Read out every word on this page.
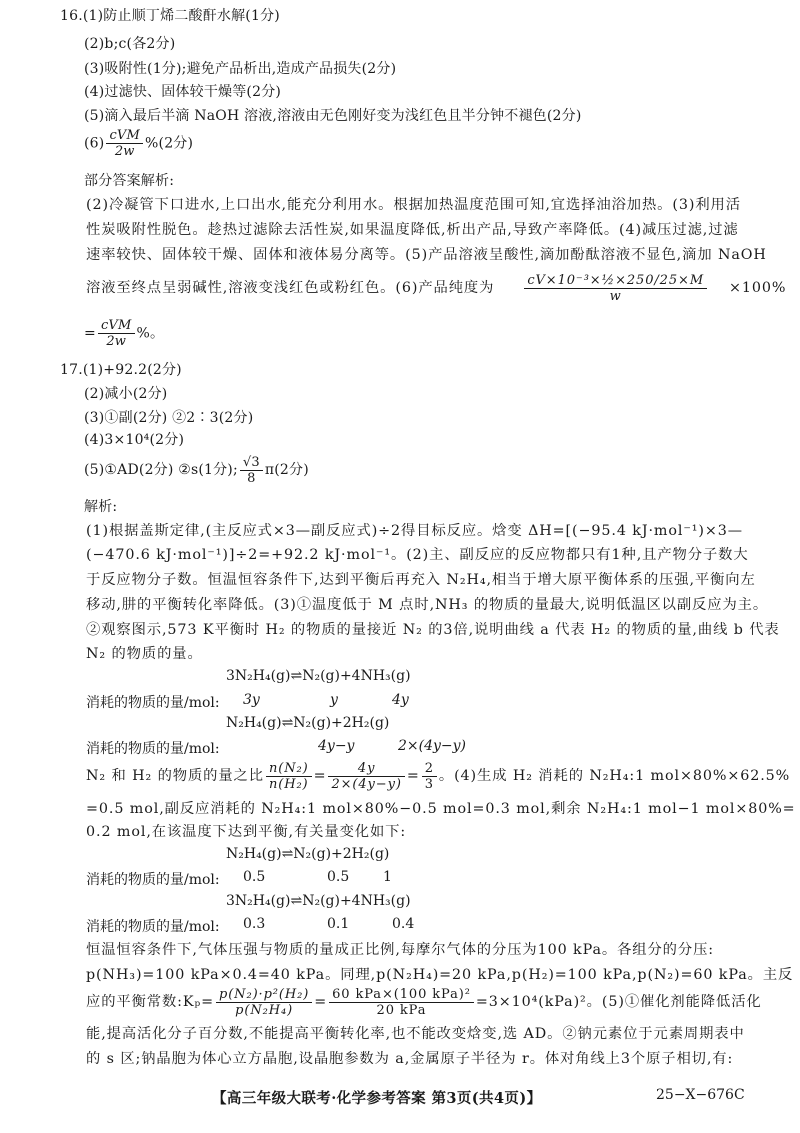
16.(1)防止顺丁烯二酸酐水解(1分)
(2)b;c(各2分)
(3)吸附性(1分);避免产品析出,造成产品损失(2分)
(4)过滤快、固体较干燥等(2分)
(5)滴入最后半滴 NaOH 溶液,溶液由无色刚好变为浅红色且半分钟不褪色(2分)
$(6) \frac{\text{cVM}}{2w} \%(2$分)
部分答案解析:
(2)冷凝管下口进水,上口出水,能充分利用水。根据加热温度范围可知,宜选择油浴加热。(3)利用活
性炭吸附性脱色。趁热过滤除去活性炭,如果温度降低,析出产品,导致产率降低。(4)减压过滤,过滤
速率较快、固体较干燥、固体和液体易分离等。(5)产品溶液呈酸性,滴加酚酞溶液不显色,滴加 NaOH
溶液至终点呈弱碱性,溶液变浅红色或粉红色。(6)产品纯度为 $\frac{\text{cV×10⁻³×½×250/25×M}}{w} \times 100\%$
= $\frac{\text{cVM}}{2w}$ %。
17.(1)+92.2(2分)
(2)减小(2分)
(3)①副(2分) ②2∶3(2分)
(4)3×10⁴(2分)
(5)①AD(2分) ②s(1分); $\frac{√3}{8} \pi(2$分)
解析:
(1)根据盖斯定律,(主反应式×3—副反应式)÷2得目标反应。焓变 ΔH=[(−95.4 kJ·mol⁻¹)×3—
(−470.6 kJ·mol⁻¹)]÷2=+92.2 kJ·mol⁻¹。(2)主、副反应的反应物都只有1种,且产物分子数大
于反应物分子数。恒温恒容条件下,达到平衡后再充入 N₂H₄,相当于增大原平衡体系的压强,平衡向左
移动,肼的平衡转化率降低。(3)①温度低于 M 点时,NH₃ 的物质的量最大,说明低温区以副反应为主。
②观察图示,573 K平衡时 H₂ 的物质的量接近 N₂ 的3倍,说明曲线 a 代表 H₂ 的物质的量,曲线 b 代表
N₂ 的物质的量。
3N₂H₄(g)⇌N₂(g)+4NH₃(g)
消耗的物质的量/mol: 3y	y	4y
N₂H₄(g)⇌N₂(g)+2H₂(g)
消耗的物质的量/mol:	4y−y	2×(4y−y)
N₂ 和 H₂ 的物质的量之比 $\frac{\text{n(N₂)}}{\text{n(H₂)}} = \frac{4y}{2\times(4y-y)} = \frac{2}{3}$ 。(4)生成 H₂ 消耗的 N₂H₄:1 mol×80%×62.5%
=0.5 mol,副反应消耗的 N₂H₄:1 mol×80%−0.5 mol=0.3 mol,剩余 N₂H₄:1 mol−1 mol×80%=
0.2 mol,在该温度下达到平衡,有关量变化如下:
N₂H₄(g)⇌N₂(g)+2H₂(g)
消耗的物质的量/mol: 0.5	0.5 1
3N₂H₄(g)⇌N₂(g)+4NH₃(g)
消耗的物质的量/mol: 0.3	0.1	0.4
恒温恒容条件下,气体压强与物质的量成正比例,每摩尔气体的分压为100 kPa。各组分的分压:
p(NH₃)=100 kPa×0.4=40 kPa。同理,p(N₂H₄)=20 kPa,p(H₂)=100 kPa,p(N₂)=60 kPa。主反
应的平衡常数:Kₚ= $\frac{\text{p(N₂)·p²(H₂)}}{\text{p(N₂H₄)}} = \frac{\text{60 kPa×(100 kPa)²}}{\text{20 kPa}} =3\times 10^4(kPa)^2$。(5)①催化剂能降低活化
能,提高活化分子百分数,不能提高平衡转化率,也不能改变焓变,选 AD。②钠元素位于元素周期表中
的 s 区;钠晶胞为体心立方晶胞,设晶胞参数为 a,金属原子半径为 r。体对角线上3个原子相切,有:
【高三年级大联考·化学参考答案 第3页(共4页)】	25−X−676C
